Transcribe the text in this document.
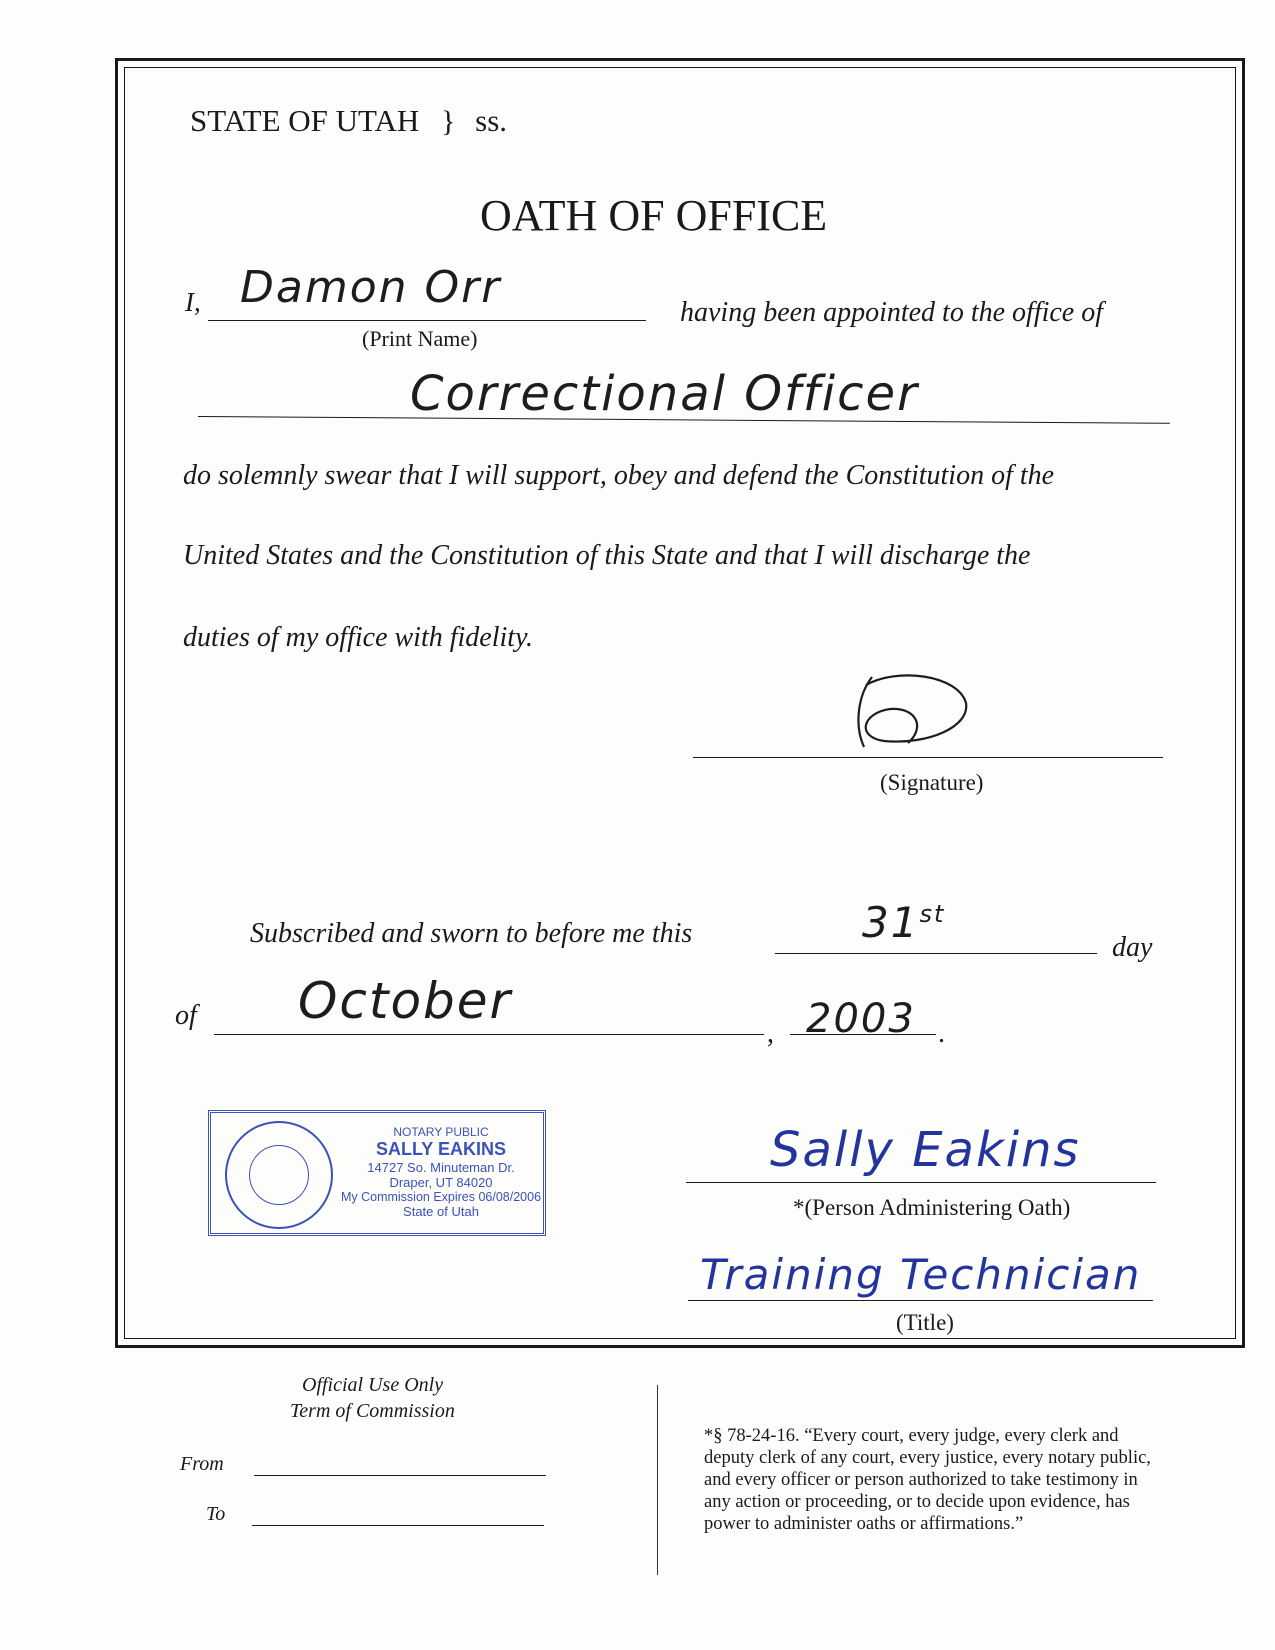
STATE OF UTAH } ss.
OATH OF OFFICE
I, Damon Orr
(Print Name)
having been appointed to the office of
Correctional Officer
do solemnly swear that I will support, obey and defend the Constitution of the
United States and the Constitution of this State and that I will discharge the
duties of my office with fidelity.
(Signature)
Subscribed and sworn to before me this	31st
day
of October
, 2003 .
NOTARY PUBLIC
SALLY EAKINS
14727 So. Minuteman Dr.
Draper, UT 84020
My Commission Expires 06/08/2006
State of Utah
Sally Eakins
*(Person Administering Oath)
Training Technician
(Title)
Official Use Only
Term of Commission
From
To
*§ 78-24-16. “Every court, every judge, every clerk and
deputy clerk of any court, every justice, every notary public,
and every officer or person authorized to take testimony in
any action or proceeding, or to decide upon evidence, has
power to administer oaths or affirmations.”
